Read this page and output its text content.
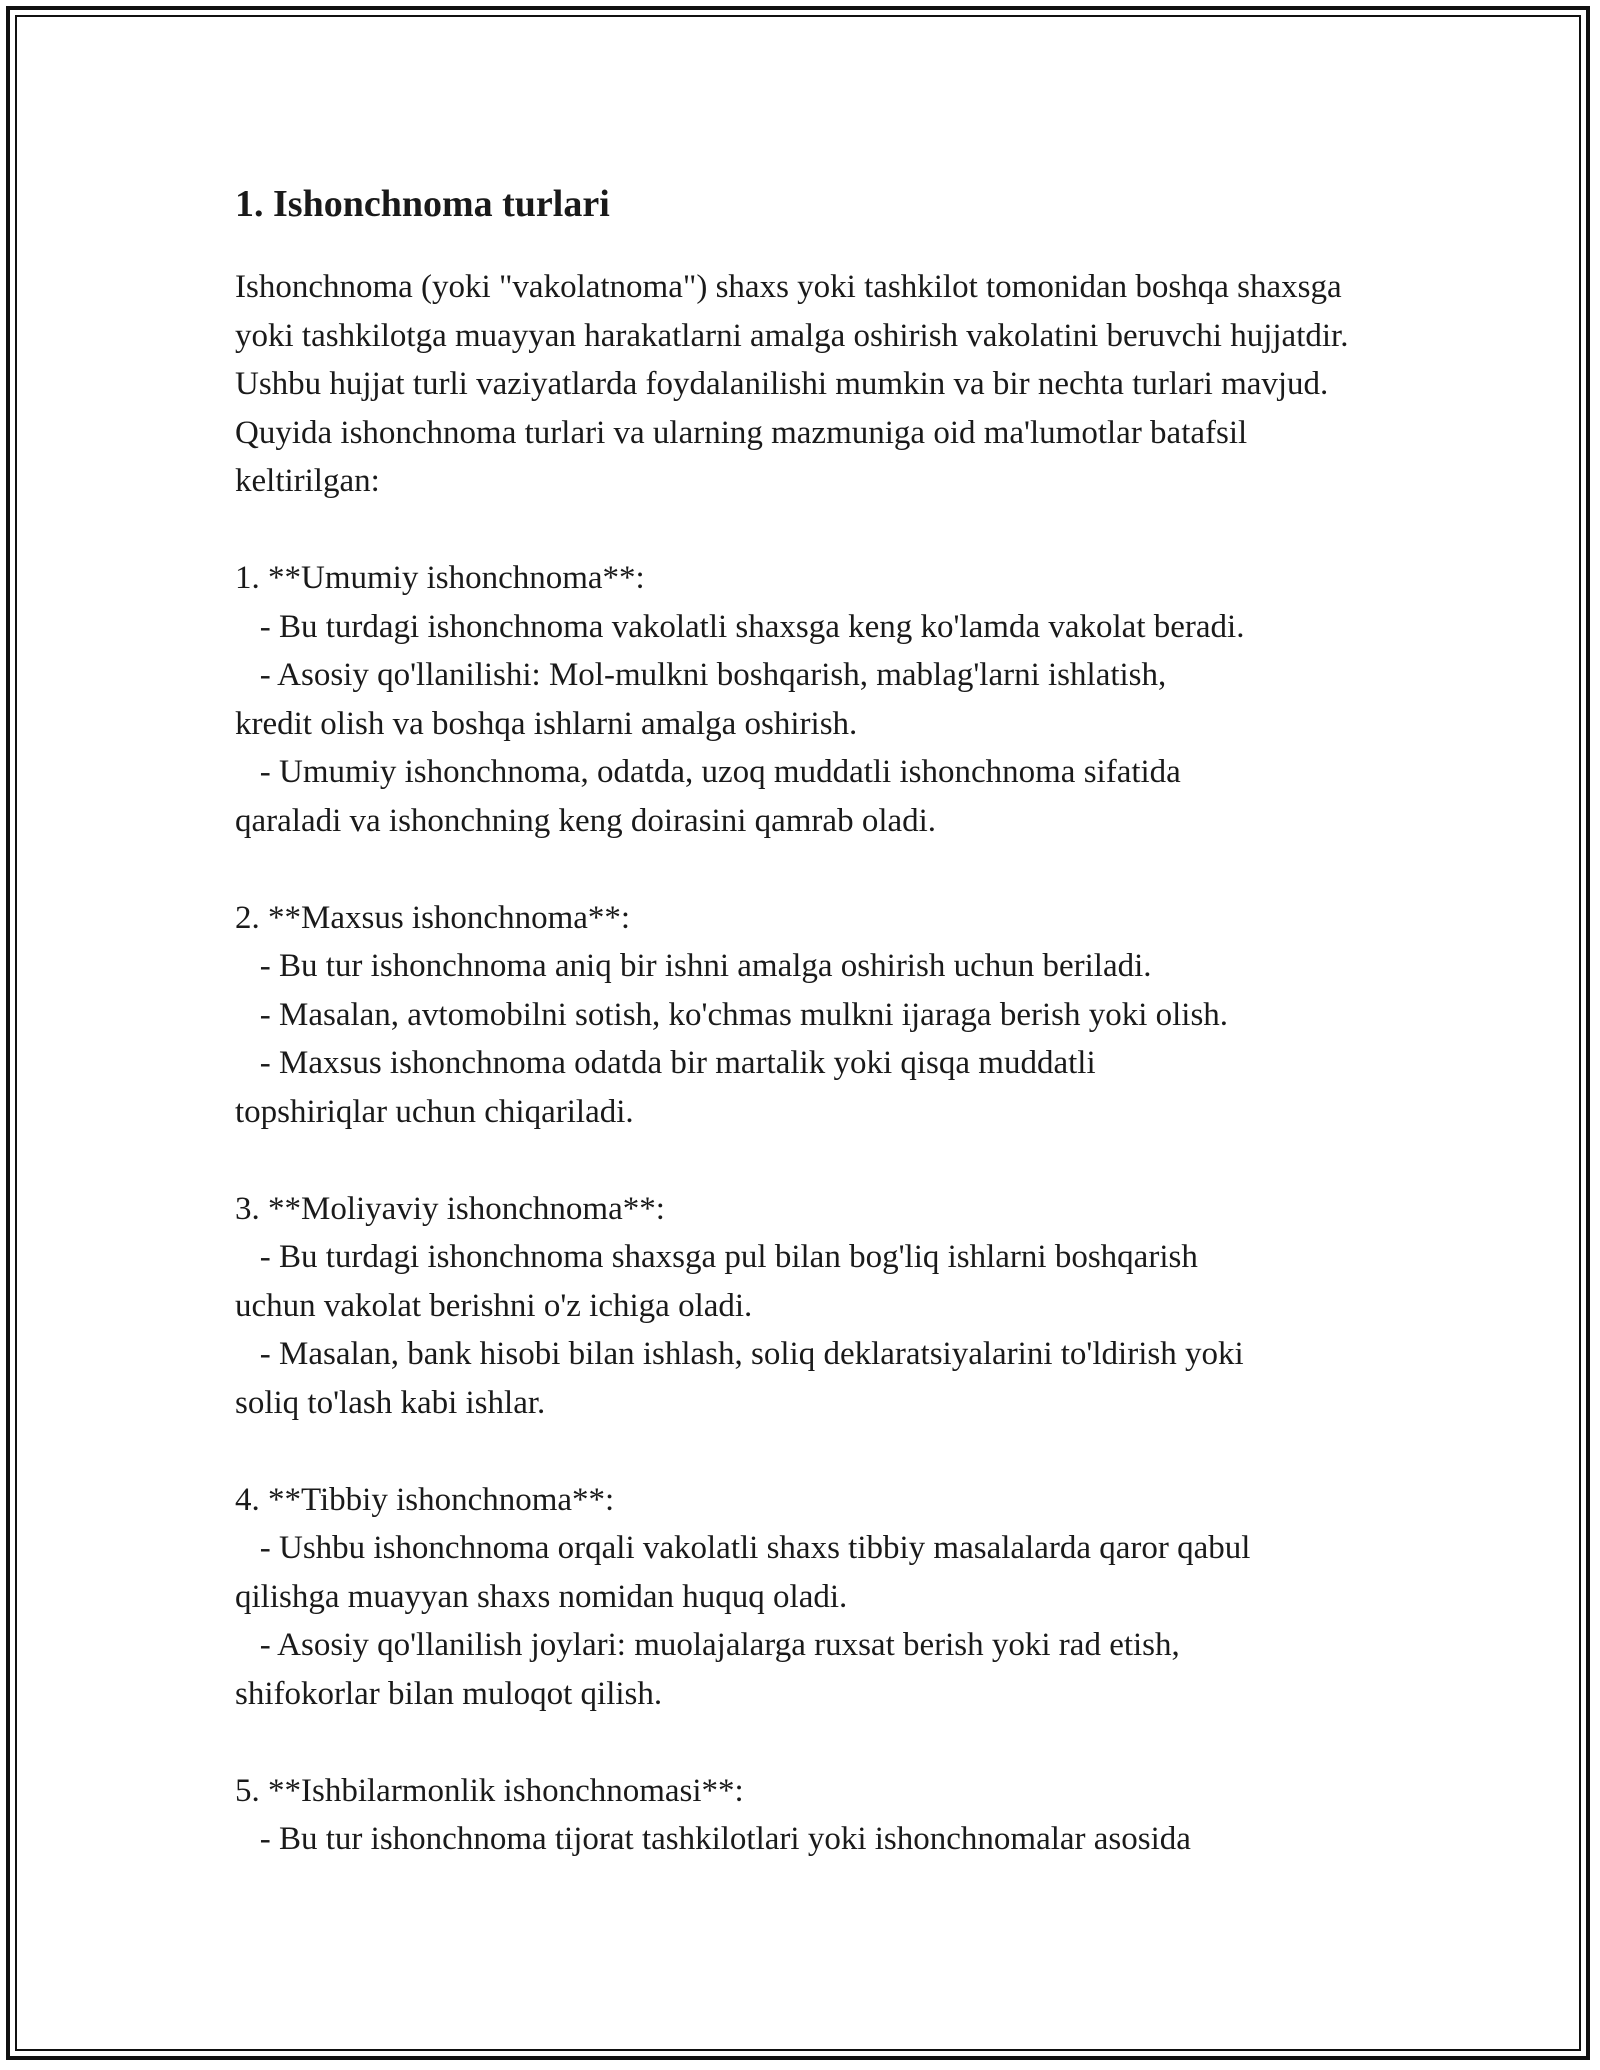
1. Ishonchnoma turlari

Ishonchnoma (yoki "vakolatnoma") shaxs yoki tashkilot tomonidan boshqa shaxsga yoki tashkilotga muayyan harakatlarni amalga oshirish vakolatini beruvchi hujjatdir. Ushbu hujjat turli vaziyatlarda foydalanilishi mumkin va bir nechta turlari mavjud. Quyida ishonchnoma turlari va ularning mazmuniga oid ma'lumotlar batafsil keltirilgan:

1. **Umumiy ishonchnoma**:
- Bu turdagi ishonchnoma vakolatli shaxsga keng ko'lamda vakolat beradi.
- Asosiy qo'llanilishi: Mol-mulkni boshqarish, mablag'larni ishlatish,
kredit olish va boshqa ishlarni amalga oshirish.
- Umumiy ishonchnoma, odatda, uzoq muddatli ishonchnoma sifatida
qaraladi va ishonchning keng doirasini qamrab oladi.
2. **Maxsus ishonchnoma**:
- Bu tur ishonchnoma aniq bir ishni amalga oshirish uchun beriladi.
- Masalan, avtomobilni sotish, ko'chmas mulkni ijaraga berish yoki olish.
- Maxsus ishonchnoma odatda bir martalik yoki qisqa muddatli
topshiriqlar uchun chiqariladi.
3. **Moliyaviy ishonchnoma**:
- Bu turdagi ishonchnoma shaxsga pul bilan bog'liq ishlarni boshqarish
uchun vakolat berishni o'z ichiga oladi.
- Masalan, bank hisobi bilan ishlash, soliq deklaratsiyalarini to'ldirish yoki
soliq to'lash kabi ishlar.
4. **Tibbiy ishonchnoma**:
- Ushbu ishonchnoma orqali vakolatli shaxs tibbiy masalalarda qaror qabul
qilishga muayyan shaxs nomidan huquq oladi.
- Asosiy qo'llanilish joylari: muolajalarga ruxsat berish yoki rad etish,
shifokorlar bilan muloqot qilish.
5. **Ishbilarmonlik ishonchnomasi**:
- Bu tur ishonchnoma tijorat tashkilotlari yoki ishonchnomalar asosida
